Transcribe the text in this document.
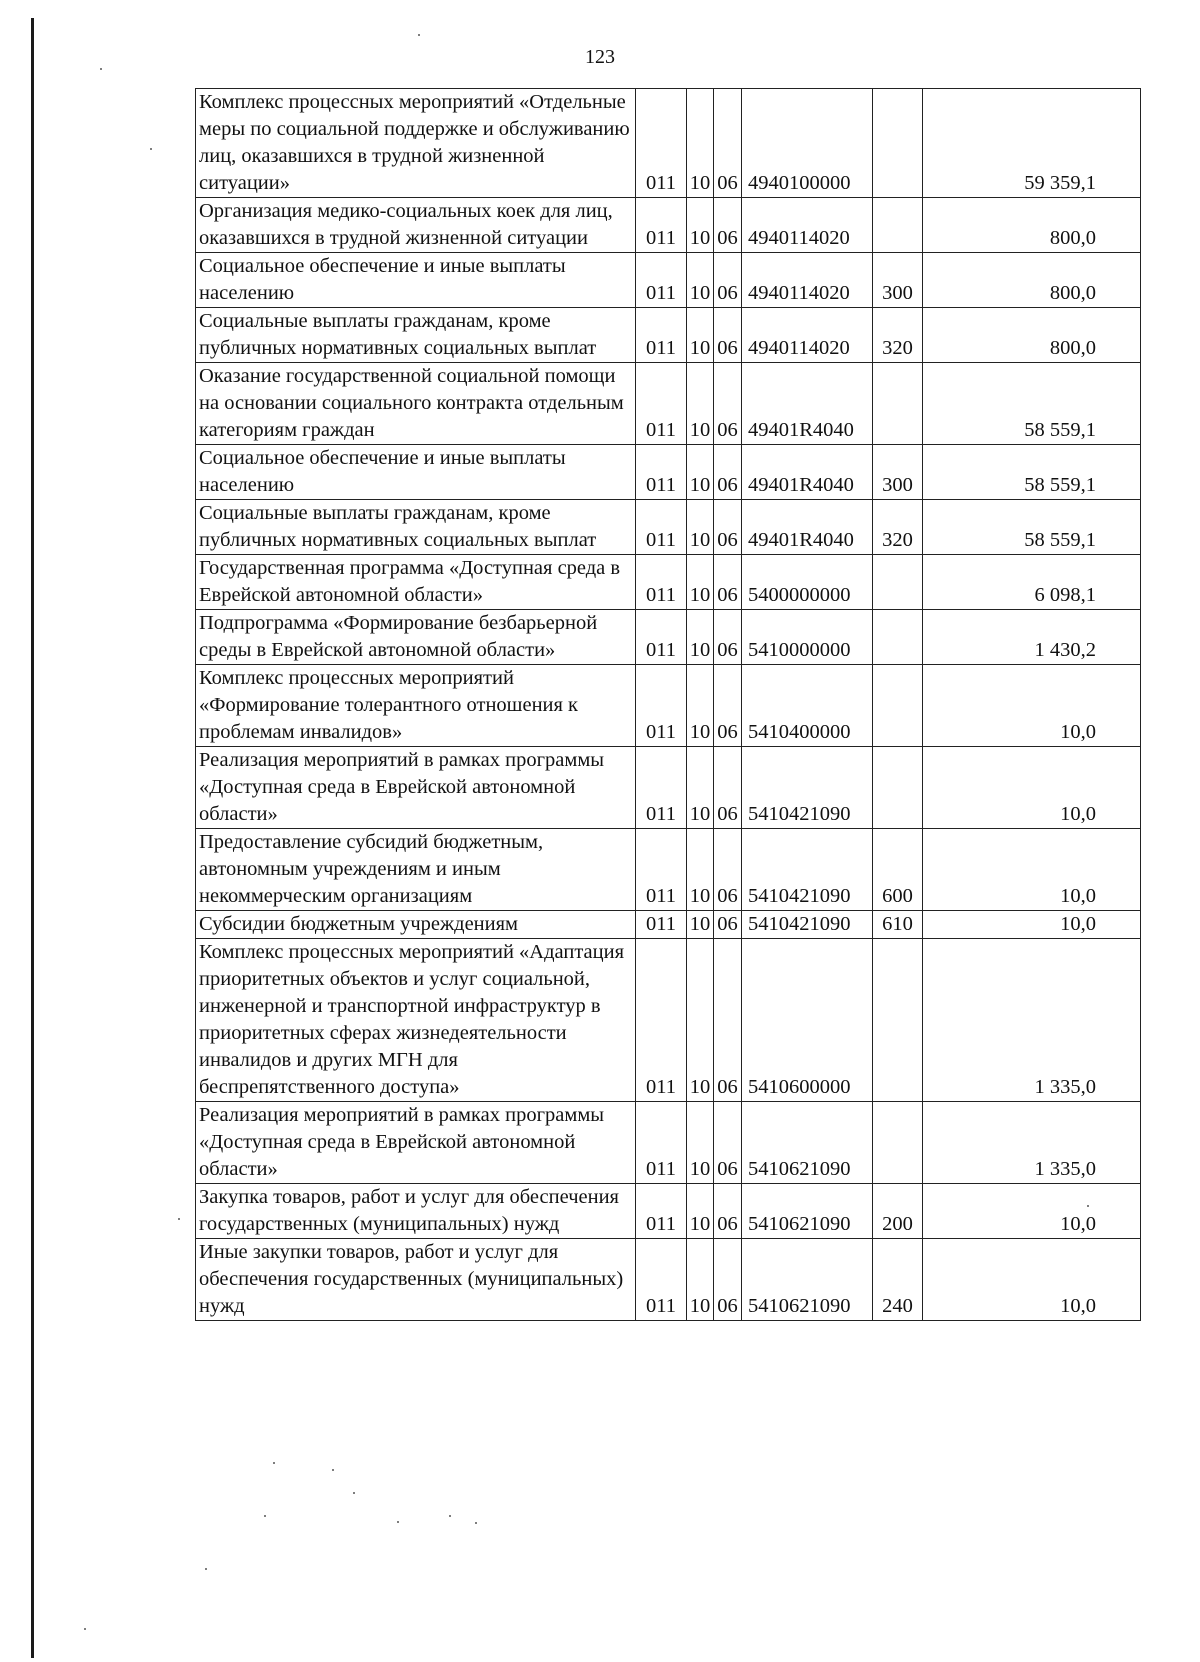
123
Комплекс процессных мероприятий «Отдельные меры по социальной поддержке и обслуживанию лиц, оказавшихся в трудной жизненной ситуации»	011	10	06	4940100000		59 359,1
Организация медико-социальных коек для лиц, оказавшихся в трудной жизненной ситуации	011	10	06	4940114020		800,0
Социальное обеспечение и иные выплаты населению	011	10	06	4940114020	300	800,0
Социальные выплаты гражданам, кроме публичных нормативных социальных выплат	011	10	06	4940114020	320	800,0
Оказание государственной социальной помощи на основании социального контракта отдельным категориям граждан	011	10	06	49401R4040		58 559,1
Социальное обеспечение и иные выплаты населению	011	10	06	49401R4040	300	58 559,1
Социальные выплаты гражданам, кроме публичных нормативных социальных выплат	011	10	06	49401R4040	320	58 559,1
Государственная программа «Доступная среда в Еврейской автономной области»	011	10	06	5400000000		6 098,1
Подпрограмма «Формирование безбарьерной среды в Еврейской автономной области»	011	10	06	5410000000		1 430,2
Комплекс процессных мероприятий «Формирование толерантного отношения к проблемам инвалидов»	011	10	06	5410400000		10,0
Реализация мероприятий в рамках программы «Доступная среда в Еврейской автономной области»	011	10	06	5410421090		10,0
Предоставление субсидий бюджетным, автономным учреждениям и иным некоммерческим организациям	011	10	06	5410421090	600	10,0
Субсидии бюджетным учреждениям	011	10	06	5410421090	610	10,0
Комплекс процессных мероприятий «Адаптация приоритетных объектов и услуг социальной, инженерной и транспортной инфраструктур в приоритетных сферах жизнедеятельности инвалидов и других МГН для беспрепятственного доступа»	011	10	06	5410600000		1 335,0
Реализация мероприятий в рамках программы «Доступная среда в Еврейской автономной области»	011	10	06	5410621090		1 335,0
Закупка товаров, работ и услуг для обеспечения государственных (муниципальных) нужд	011	10	06	5410621090	200	10,0
Иные закупки товаров, работ и услуг для обеспечения государственных (муниципальных) нужд	011	10	06	5410621090	240	10,0
